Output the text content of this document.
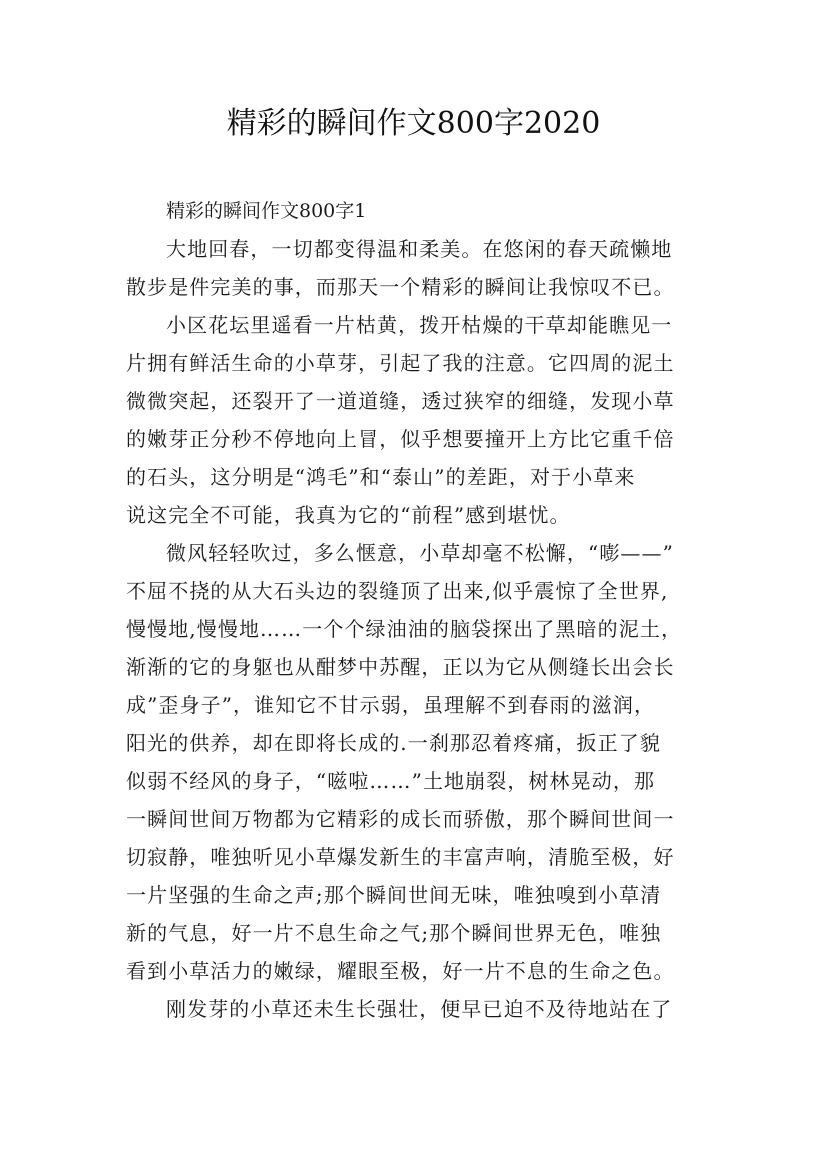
精彩的瞬间作文800字2020

精彩的瞬间作文800字1

大地回春，一切都变得温和柔美。在悠闲的春天疏懒地

散步是件完美的事，而那天一个精彩的瞬间让我惊叹不已。

小区花坛里遥看一片枯黄，拨开枯燥的干草却能瞧见一

片拥有鲜活生命的小草芽，引起了我的注意。它四周的泥土

微微突起，还裂开了一道道缝，透过狭窄的细缝，发现小草

的嫩芽正分秒不停地向上冒，似乎想要撞开上方比它重千倍

的石头，这分明是“鸿毛”和“泰山”的差距，对于小草来

说这完全不可能，我真为它的“前程”感到堪忧。

微风轻轻吹过，多么惬意，小草却毫不松懈，“嘭——”

不屈不挠的从大石头边的裂缝顶了出来,似乎震惊了全世界,

慢慢地,慢慢地……一个个绿油油的脑袋探出了黑暗的泥土，

渐渐的它的身躯也从酣梦中苏醒，正以为它从侧缝长出会长

成”歪身子”，谁知它不甘示弱，虽理解不到春雨的滋润，

阳光的供养，却在即将长成的.一刹那忍着疼痛，扳正了貌

似弱不经风的身子，“嗞啦……”土地崩裂，树林晃动，那

一瞬间世间万物都为它精彩的成长而骄傲，那个瞬间世间一

切寂静，唯独听见小草爆发新生的丰富声响，清脆至极，好

一片坚强的生命之声;那个瞬间世间无味，唯独嗅到小草清

新的气息，好一片不息生命之气;那个瞬间世界无色，唯独

看到小草活力的嫩绿，耀眼至极，好一片不息的生命之色。

刚发芽的小草还未生长强壮，便早已迫不及待地站在了
